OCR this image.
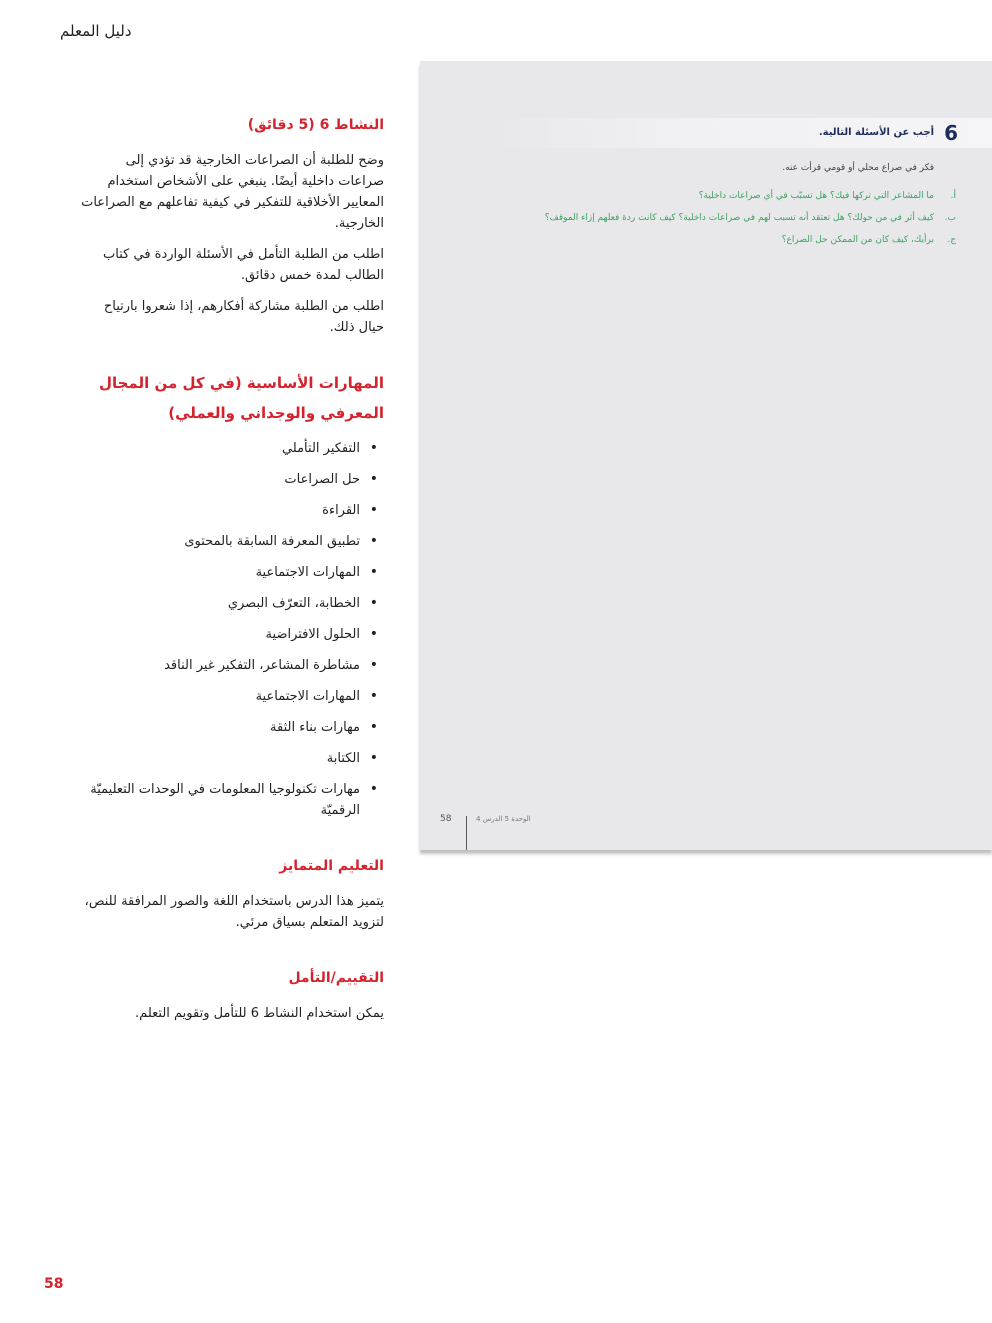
دليل المعلم
النشاط 6 (5 دقائق)

وضح للطلبة أن الصراعات الخارجية قد تؤدي إلى صراعات داخلية أيضًا. ينبغي على الأشخاص استخدام المعايير الأخلاقية للتفكير في كيفية تفاعلهم مع الصراعات الخارجية.

اطلب من الطلبة التأمل في الأسئلة الواردة في كتاب الطالب لمدة خمس دقائق.

اطلب من الطلبة مشاركة أفكارهم، إذا شعروا بارتياح حيال ذلك.

المهارات الأساسية (في كل من المجال المعرفي والوجداني والعملي)
• التفكير التأملي
• حل الصراعات
• القراءة
• تطبيق المعرفة السابقة بالمحتوى
• المهارات الاجتماعية
• الخطابة، التعرّف البصري
• الحلول الافتراضية
• مشاطرة المشاعر، التفكير غير الناقد
• المهارات الاجتماعية
• مهارات بناء الثقة
• الكتابة
• مهارات تكنولوجيا المعلومات في الوحدات التعليميّة الرقميّة
التعليم المتمايز

يتميز هذا الدرس باستخدام اللغة والصور المرافقة للنص، لتزويد المتعلم بسياق مرئي.

التقييم/التأمل

يمكن استخدام النشاط 6 للتأمل وتقويم التعلم.

6
أجب عن الأسئلة التالية.
فكر في صراع محلي أو قومي قرأت عنه.
أ.
ما المشاعر التي تركها فيك؟ هل تسبّب في أي صراعات داخلية؟
ب.
كيف أثر في من حولك؟ هل تعتقد أنه تسبب لهم في صراعات داخلية؟ كيف كانت ردة فعلهم إزاء الموقف؟
ج.
برأيك، كيف كان من الممكن حل الصراع؟
58	الوحدة 5 الدرس 4
58
